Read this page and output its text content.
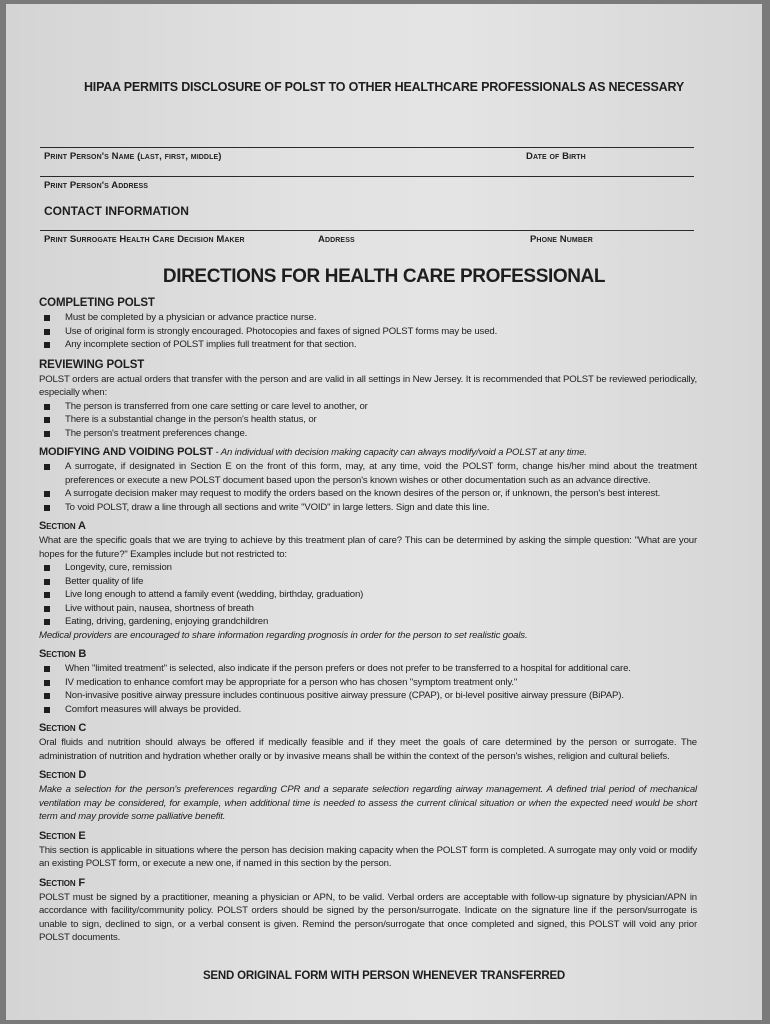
HIPAA PERMITS DISCLOSURE OF POLST TO OTHER HEALTHCARE PROFESSIONALS AS NECESSARY
Print Person's Name (last, first, middle)	Date of Birth
Print Person's Address
CONTACT INFORMATION
Print Surrogate Health Care Decision Maker	Address	Phone Number
DIRECTIONS FOR HEALTH CARE PROFESSIONAL
COMPLETING POLST
Must be completed by a physician or advance practice nurse.
Use of original form is strongly encouraged. Photocopies and faxes of signed POLST forms may be used.
Any incomplete section of POLST implies full treatment for that section.
REVIEWING POLST
POLST orders are actual orders that transfer with the person and are valid in all settings in New Jersey. It is recommended that POLST be reviewed periodically, especially when:
The person is transferred from one care setting or care level to another, or
There is a substantial change in the person's health status, or
The person's treatment preferences change.
MODIFYING AND VOIDING POLST - An individual with decision making capacity can always modify/void a POLST at any time.
A surrogate, if designated in Section E on the front of this form, may, at any time, void the POLST form, change his/her mind about the treatment preferences or execute a new POLST document based upon the person's known wishes or other documentation such as an advance directive.
A surrogate decision maker may request to modify the orders based on the known desires of the person or, if unknown, the person's best interest.
To void POLST, draw a line through all sections and write "VOID" in large letters. Sign and date this line.
Section A
What are the specific goals that we are trying to achieve by this treatment plan of care? This can be determined by asking the simple question: "What are your hopes for the future?" Examples include but not restricted to:
Longevity, cure, remission
Better quality of life
Live long enough to attend a family event (wedding, birthday, graduation)
Live without pain, nausea, shortness of breath
Eating, driving, gardening, enjoying grandchildren
Medical providers are encouraged to share information regarding prognosis in order for the person to set realistic goals.
Section B
When "limited treatment" is selected, also indicate if the person prefers or does not prefer to be transferred to a hospital for additional care.
IV medication to enhance comfort may be appropriate for a person who has chosen "symptom treatment only."
Non-invasive positive airway pressure includes continuous positive airway pressure (CPAP), or bi-level positive airway pressure (BiPAP).
Comfort measures will always be provided.
Section C
Oral fluids and nutrition should always be offered if medically feasible and if they meet the goals of care determined by the person or surrogate. The administration of nutrition and hydration whether orally or by invasive means shall be within the context of the person's wishes, religion and cultural beliefs.
Section D
Make a selection for the person's preferences regarding CPR and a separate selection regarding airway management. A defined trial period of mechanical ventilation may be considered, for example, when additional time is needed to assess the current clinical situation or when the expected need would be short term and may provide some palliative benefit.
Section E
This section is applicable in situations where the person has decision making capacity when the POLST form is completed. A surrogate may only void or modify an existing POLST form, or execute a new one, if named in this section by the person.
Section F
POLST must be signed by a practitioner, meaning a physician or APN, to be valid. Verbal orders are acceptable with follow-up signature by physician/APN in accordance with facility/community policy. POLST orders should be signed by the person/surrogate. Indicate on the signature line if the person/surrogate is unable to sign, declined to sign, or a verbal consent is given. Remind the person/surrogate that once completed and signed, this POLST will void any prior POLST documents.
SEND ORIGINAL FORM WITH PERSON WHENEVER TRANSFERRED
